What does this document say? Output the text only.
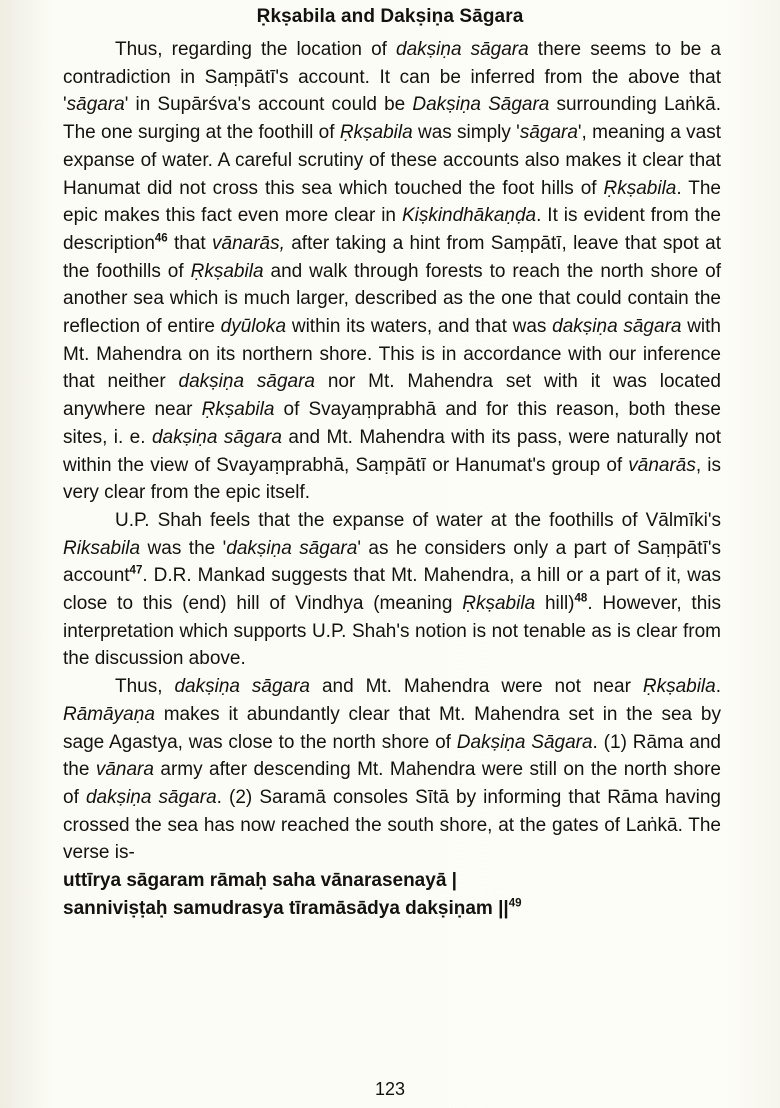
Ṛkṣabila and Dakṣiṇa Sāgara

Thus, regarding the location of dakṣiṇa sāgara there seems to be a contradiction in Saṃpātī's account. It can be inferred from the above that 'sāgara' in Supārśva's account could be Dakṣiṇa Sāgara surrounding Laṅkā. The one surging at the foothill of Ṛkṣabila was simply 'sāgara', meaning a vast expanse of water. A careful scrutiny of these accounts also makes it clear that Hanumat did not cross this sea which touched the foot hills of Ṛkṣabila. The epic makes this fact even more clear in Kiṣkindhākaṇḍa. It is evident from the description$^{46}$ that vānarās, after taking a hint from Saṃpātī, leave that spot at the foothills of Ṛkṣabila and walk through forests to reach the north shore of another sea which is much larger, described as the one that could contain the reflection of entire dyūloka within its waters, and that was dakṣiṇa sāgara with Mt. Mahendra on its northern shore. This is in accordance with our inference that neither dakṣiṇa sāgara nor Mt. Mahendra set with it was located anywhere near Ṛkṣabila of Svayaṃprabhā and for this reason, both these sites, i. e. dakṣiṇa sāgara and Mt. Mahendra with its pass, were naturally not within the view of Svayaṃprabhā, Saṃpātī or Hanumat's group of vānarās, is very clear from the epic itself.

U.P. Shah feels that the expanse of water at the foothills of Vālmīki's Riksabila was the 'dakṣiṇa sāgara' as he considers only a part of Saṃpātī's account$^{47}$. D.R. Mankad suggests that Mt. Mahendra, a hill or a part of it, was close to this (end) hill of Vindhya (meaning Ṛkṣabila hill)$^{48}$. However, this interpretation which supports U.P. Shah's notion is not tenable as is clear from the discussion above.

Thus, dakṣiṇa sāgara and Mt. Mahendra were not near Ṛkṣabila. Rāmāyaṇa makes it abundantly clear that Mt. Mahendra set in the sea by sage Agastya, was close to the north shore of Dakṣiṇa Sāgara. (1) Rāma and the vānara army after descending Mt. Mahendra were still on the north shore of dakṣiṇa sāgara. (2) Saramā consoles Sītā by informing that Rāma having crossed the sea has now reached the south shore, at the gates of Laṅkā. The verse is-

uttīrya sāgaram rāmaḥ saha vānarasenayā |

sanniviṣṭaḥ samudrasya tīramāsādya dakṣiṇam ||$^{49}$

123
